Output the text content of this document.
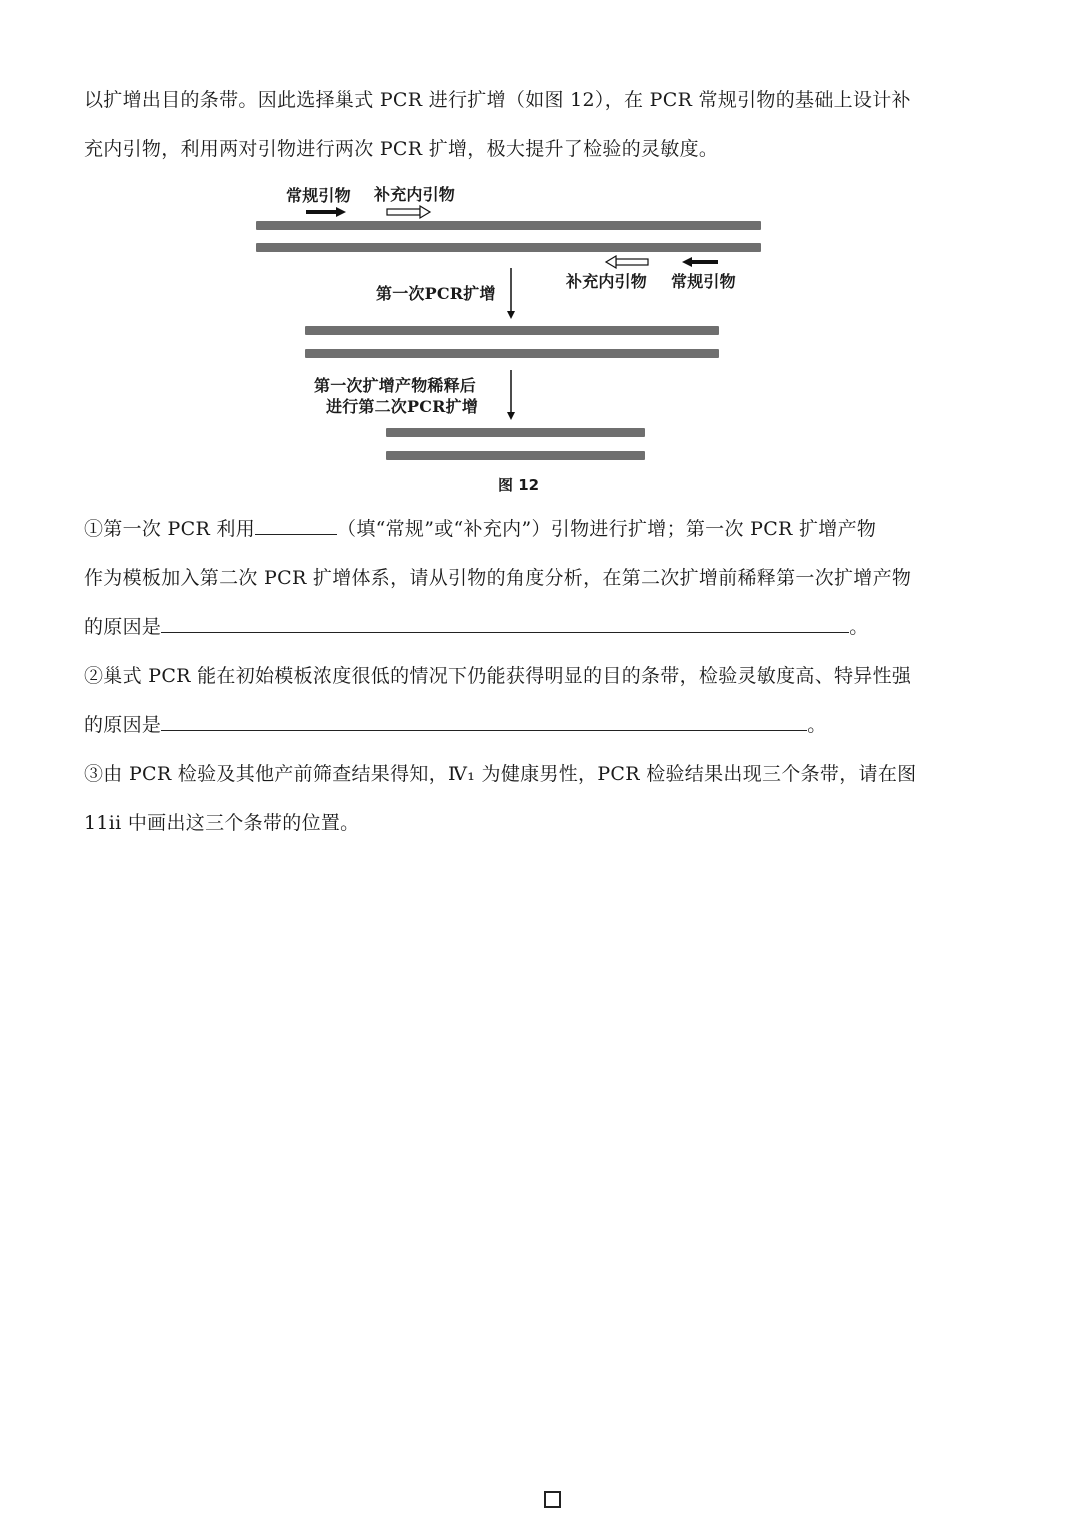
以扩增出目的条带。因此选择巢式 PCR 进行扩增（如图 12），在 PCR 常规引物的基础上设计补
充内引物，利用两对引物进行两次 PCR 扩增，极大提升了检验的灵敏度。
常规引物 补充内引物
补充内引物 常规引物
第一次PCR扩增
第一次扩增产物稀释后
进行第二次PCR扩增
图 12
①第一次 PCR 利用	（填“常规”或“补充内”）引物进行扩增；第一次 PCR 扩增产物
作为模板加入第二次 PCR 扩增体系，请从引物的角度分析，在第二次扩增前稀释第一次扩增产物
的原因是	。
②巢式 PCR 能在初始模板浓度很低的情况下仍能获得明显的目的条带，检验灵敏度高、特异性强
的原因是	。
③由 PCR 检验及其他产前筛查结果得知，Ⅳ₁ 为健康男性，PCR 检验结果出现三个条带，请在图
11ii 中画出这三个条带的位置。
